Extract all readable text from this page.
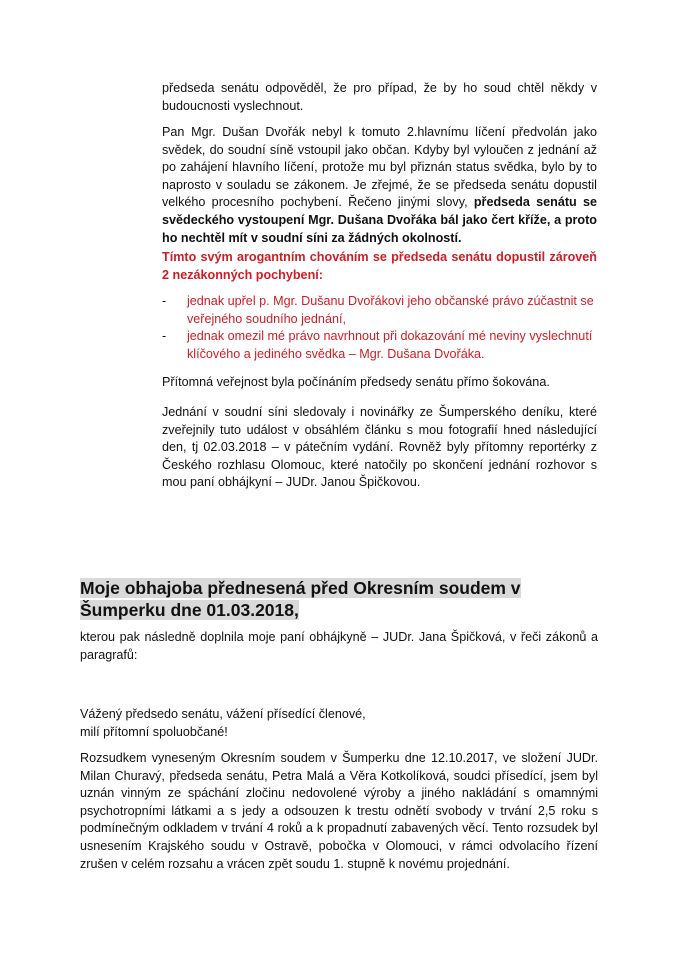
předseda senátu odpověděl, že pro případ, že by ho soud chtěl někdy v budoucnosti vyslechnout.

Pan Mgr. Dušan Dvořák nebyl k tomuto 2.hlavnímu líčení předvolán jako svědek, do soudní síně vstoupil jako občan. Kdyby byl vyloučen z jednání až po zahájení hlavního líčení, protože mu byl přiznán status svědka, bylo by to naprosto v souladu se zákonem. Je zřejmé, že se předseda senátu dopustil velkého procesního pochybení. Řečeno jinými slovy, předseda senátu se svědeckého vystoupení Mgr. Dušana Dvořáka bál jako čert kříže, a proto ho nechtěl mít v soudní síni za žádných okolností.

Tímto svým arogantním chováním se předseda senátu dopustil zároveň 2 nezákonných pochybení:

- jednak upřel p. Mgr. Dušanu Dvořákovi jeho občanské právo zúčastnit se veřejného soudního jednání,
- jednak omezil mé právo navrhnout při dokazování mé neviny vyslechnutí klíčového a jediného svědka – Mgr. Dušana Dvořáka.

Přítomná veřejnost byla počínáním předsedy senátu přímo šokována.

Jednání v soudní síni sledovaly i novinářky ze Šumperského deníku, které zveřejnily tuto událost v obsáhlém článku s mou fotografií hned následující den, tj 02.03.2018 – v pátečním vydání. Rovněž byly přítomny reportérky z Českého rozhlasu Olomouc, které natočily po skončení jednání rozhovor s mou paní obhájkyní – JUDr. Janou Špičkovou.

Moje obhajoba přednesená před Okresním soudem v Šumperku dne 01.03.2018,

kterou pak následně doplnila moje paní obhájkyně – JUDr. Jana Špičková, v řeči zákonů a paragrafů:

Vážený předsedo senátu, vážení přísedící členové,
milí přítomní spoluobčané!

Rozsudkem vyneseným Okresním soudem v Šumperku dne 12.10.2017, ve složení JUDr. Milan Churavý, předseda senátu, Petra Malá a Věra Kotkolíková, soudci přísedící, jsem byl uznán vinným ze spáchání zločinu nedovolené výroby a jiného nakládání s omamnými psychotropními látkami a s jedy a odsouzen k trestu odnětí svobody v trvání 2,5 roku s podmínečným odkladem v trvání 4 roků a k propadnutí zabavených věcí. Tento rozsudek byl usnesením Krajského soudu v Ostravě, pobočka v Olomouci, v rámci odvolacího řízení zrušen v celém rozsahu a vrácen zpět soudu 1. stupně k novému projednání.
